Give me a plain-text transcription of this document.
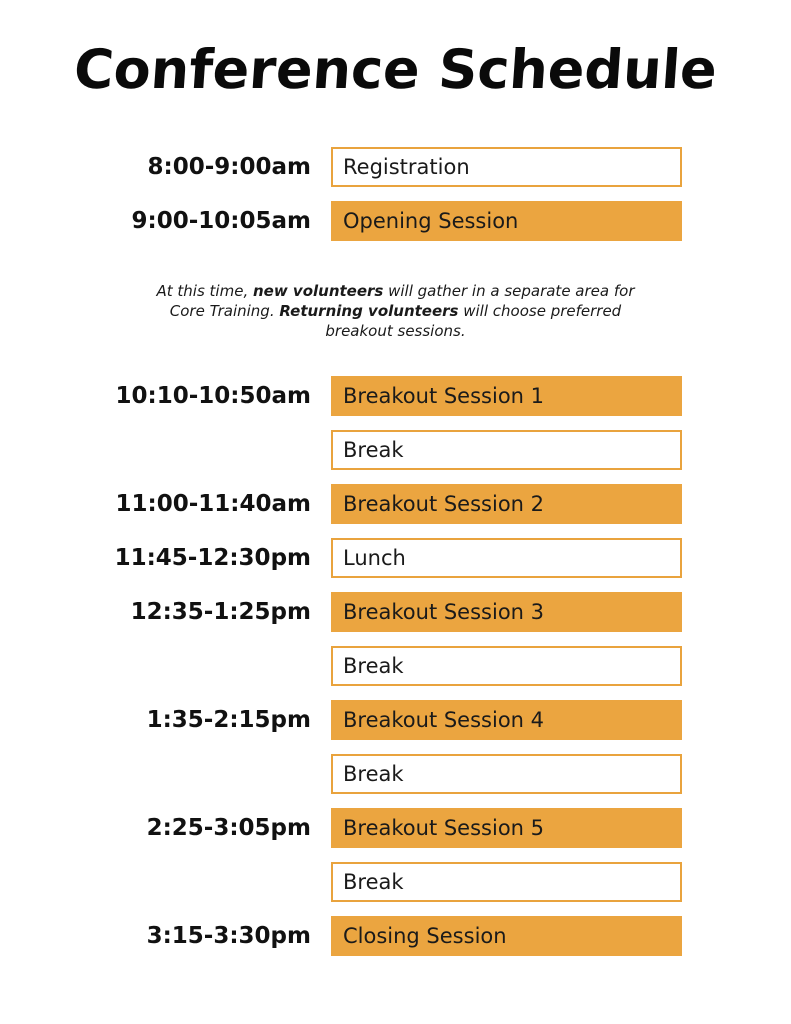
Conference Schedule
8:00-9:00am	Registration
9:00-10:05am	Opening Session
At this time, new volunteers will gather in a separate area for Core Training. Returning volunteers will choose preferred breakout sessions.
10:10-10:50am	Breakout Session 1
Break
11:00-11:40am	Breakout Session 2
11:45-12:30pm	Lunch
12:35-1:25pm	Breakout Session 3
Break
1:35-2:15pm	Breakout Session 4
Break
2:25-3:05pm	Breakout Session 5
Break
3:15-3:30pm	Closing Session
